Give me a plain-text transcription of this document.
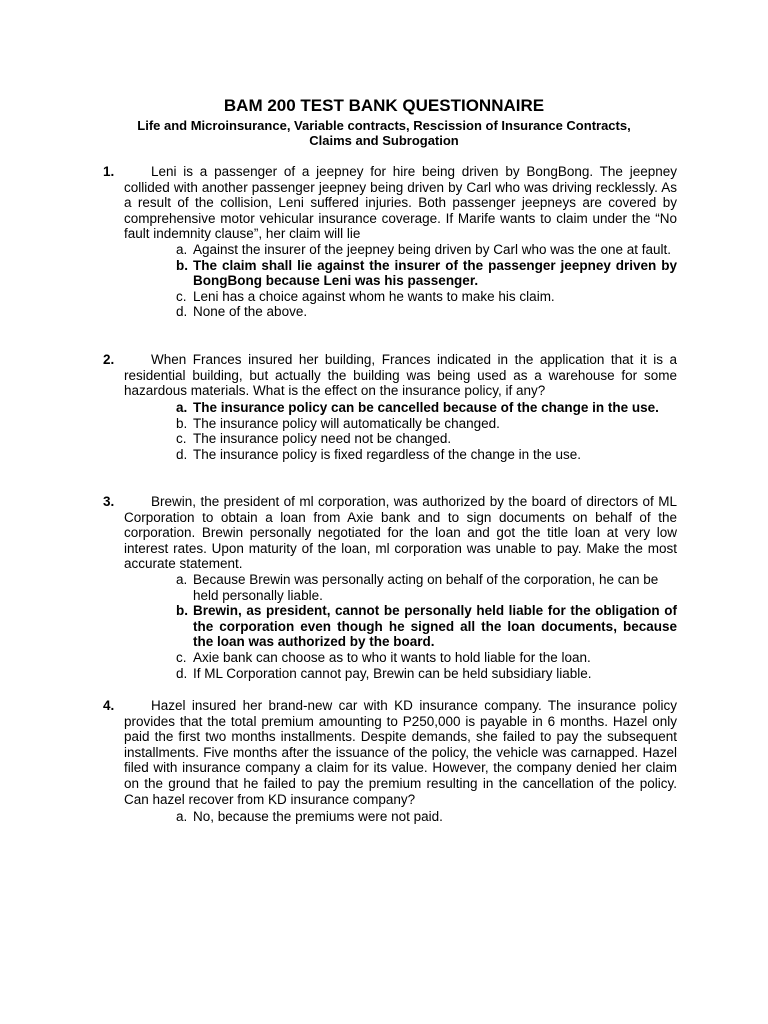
BAM 200 TEST BANK QUESTIONNAIRE
Life and Microinsurance, Variable contracts, Rescission of Insurance Contracts,
Claims and Subrogation
1.	Leni is a passenger of a jeepney for hire being driven by BongBong. The jeepney collided with another passenger jeepney being driven by Carl who was driving recklessly. As a result of the collision, Leni suffered injuries. Both passenger jeepneys are covered by comprehensive motor vehicular insurance coverage. If Marife wants to claim under the “No fault indemnity clause”, her claim will lie
a. Against the insurer of the jeepney being driven by Carl who was the one at fault.
b. The claim shall lie against the insurer of the passenger jeepney driven by BongBong because Leni was his passenger.
c. Leni has a choice against whom he wants to make his claim.
d. None of the above.
2.	When Frances insured her building, Frances indicated in the application that it is a residential building, but actually the building was being used as a warehouse for some hazardous materials. What is the effect on the insurance policy, if any?
a. The insurance policy can be cancelled because of the change in the use.
b. The insurance policy will automatically be changed.
c. The insurance policy need not be changed.
d. The insurance policy is fixed regardless of the change in the use.
3.	Brewin, the president of ml corporation, was authorized by the board of directors of ML Corporation to obtain a loan from Axie bank and to sign documents on behalf of the corporation. Brewin personally negotiated for the loan and got the title loan at very low interest rates. Upon maturity of the loan, ml corporation was unable to pay. Make the most accurate statement.
a. Because Brewin was personally acting on behalf of the corporation, he can be held personally liable.
b. Brewin, as president, cannot be personally held liable for the obligation of the corporation even though he signed all the loan documents, because the loan was authorized by the board.
c. Axie bank can choose as to who it wants to hold liable for the loan.
d. If ML Corporation cannot pay, Brewin can be held subsidiary liable.
4.	Hazel insured her brand-new car with KD insurance company. The insurance policy provides that the total premium amounting to P250,000 is payable in 6 months. Hazel only paid the first two months installments. Despite demands, she failed to pay the subsequent installments. Five months after the issuance of the policy, the vehicle was carnapped. Hazel filed with insurance company a claim for its value. However, the company denied her claim on the ground that he failed to pay the premium resulting in the cancellation of the policy. Can hazel recover from KD insurance company?
a. No, because the premiums were not paid.
